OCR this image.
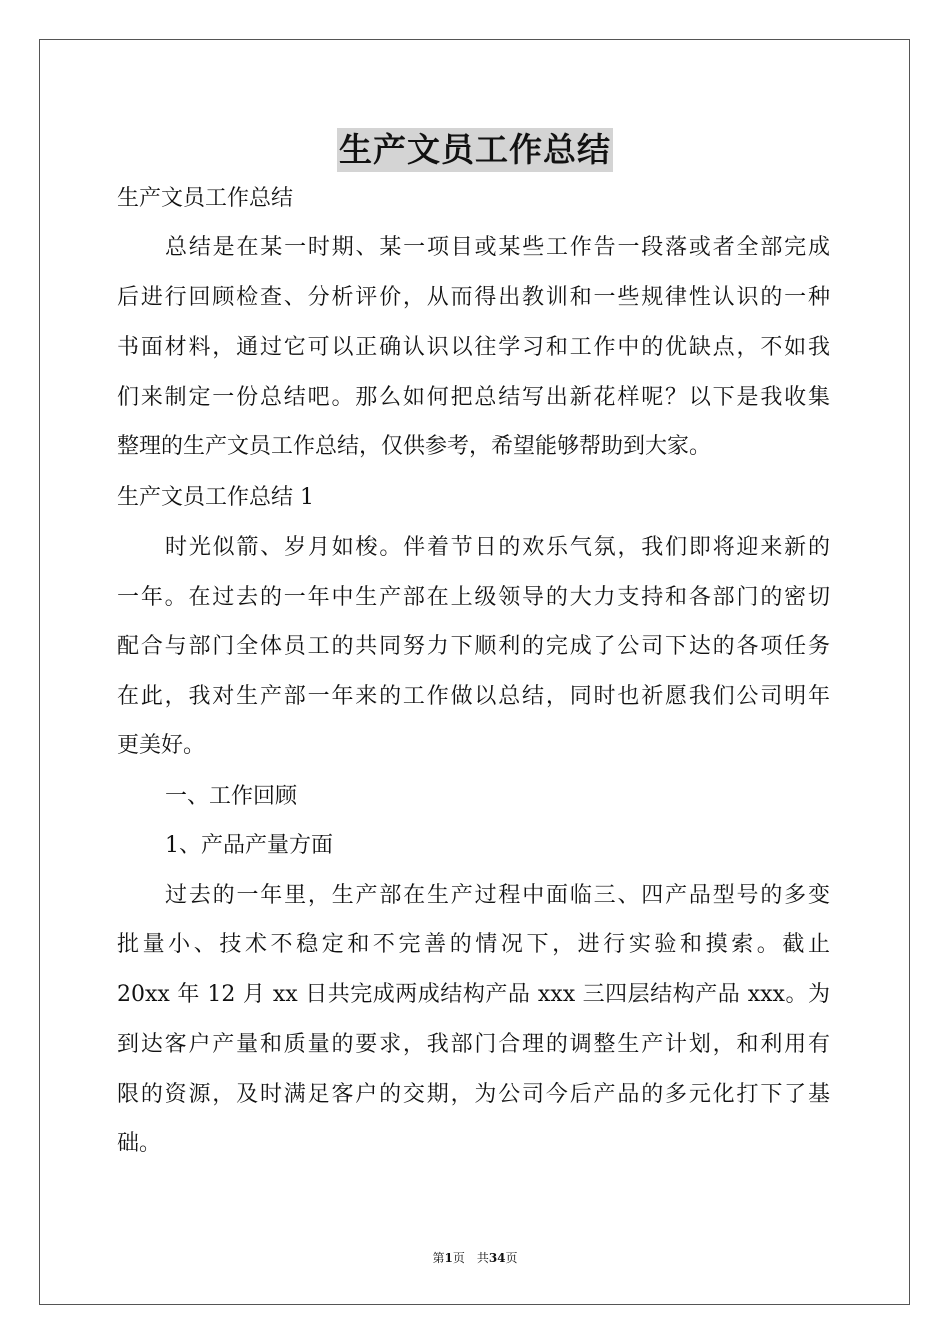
生产文员工作总结
生产文员工作总结
总结是在某一时期、某一项目或某些工作告一段落或者全部完成
后进行回顾检查、分析评价，从而得出教训和一些规律性认识的一种
书面材料，通过它可以正确认识以往学习和工作中的优缺点，不如我
们来制定一份总结吧。那么如何把总结写出新花样呢？以下是我收集
整理的生产文员工作总结，仅供参考，希望能够帮助到大家。
生产文员工作总结 1
时光似箭、岁月如梭。伴着节日的欢乐气氛，我们即将迎来新的
一年。在过去的一年中生产部在上级领导的大力支持和各部门的密切
配合与部门全体员工的共同努力下顺利的完成了公司下达的各项任务
在此，我对生产部一年来的工作做以总结，同时也祈愿我们公司明年
更美好。
一、工作回顾
1、产品产量方面
过去的一年里，生产部在生产过程中面临三、四产品型号的多变
批量小、技术不稳定和不完善的情况下，进行实验和摸索。截止
20xx 年 12 月 xx 日共完成两成结构产品 xxx 三四层结构产品 xxx。为
到达客户产量和质量的要求，我部门合理的调整生产计划，和利用有
限的资源，及时满足客户的交期，为公司今后产品的多元化打下了基
础。
第1页　共34页
